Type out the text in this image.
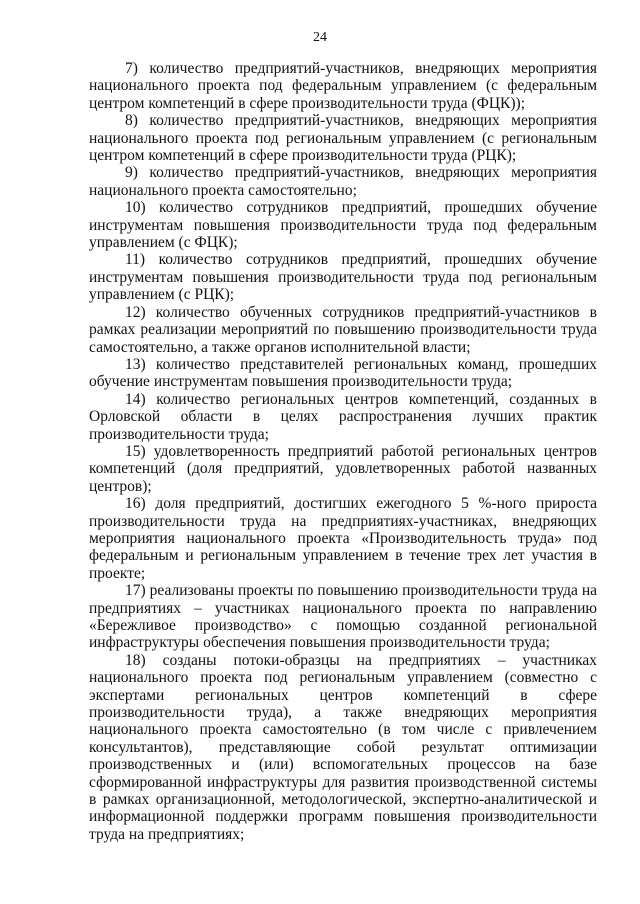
24

7) количество предприятий-участников, внедряющих мероприятия национального проекта под федеральным управлением (с федеральным центром компетенций в сфере производительности труда (ФЦК));

8) количество предприятий-участников, внедряющих мероприятия национального проекта под региональным управлением (с региональным центром компетенций в сфере производительности труда (РЦК);

9) количество предприятий-участников, внедряющих мероприятия национального проекта самостоятельно;

10) количество сотрудников предприятий, прошедших обучение инструментам повышения производительности труда под федеральным управлением (с ФЦК);

11) количество сотрудников предприятий, прошедших обучение инструментам повышения производительности труда под региональным управлением (с РЦК);

12) количество обученных сотрудников предприятий-участников в рамках реализации мероприятий по повышению производительности труда самостоятельно, а также органов исполнительной власти;

13) количество представителей региональных команд, прошедших обучение инструментам повышения производительности труда;

14) количество региональных центров компетенций, созданных в Орловской области в целях распространения лучших практик производительности труда;

15) удовлетворенность предприятий работой региональных центров компетенций (доля предприятий, удовлетворенных работой названных центров);

16) доля предприятий, достигших ежегодного 5 %-ного прироста производительности труда на предприятиях-участниках, внедряющих мероприятия национального проекта «Производительность труда» под федеральным и региональным управлением в течение трех лет участия в проекте;

17) реализованы проекты по повышению производительности труда на предприятиях – участниках национального проекта по направлению «Бережливое производство» с помощью созданной региональной инфраструктуры обеспечения повышения производительности труда;

18) созданы потоки-образцы на предприятиях – участниках национального проекта под региональным управлением (совместно с экспертами региональных центров компетенций в сфере производительности труда), а также внедряющих мероприятия национального проекта самостоятельно (в том числе с привлечением консультантов), представляющие собой результат оптимизации производственных и (или) вспомогательных процессов на базе сформированной инфраструктуры для развития производственной системы в рамках организационной, методологической, экспертно-аналитической и информационной поддержки программ повышения производительности труда на предприятиях;
